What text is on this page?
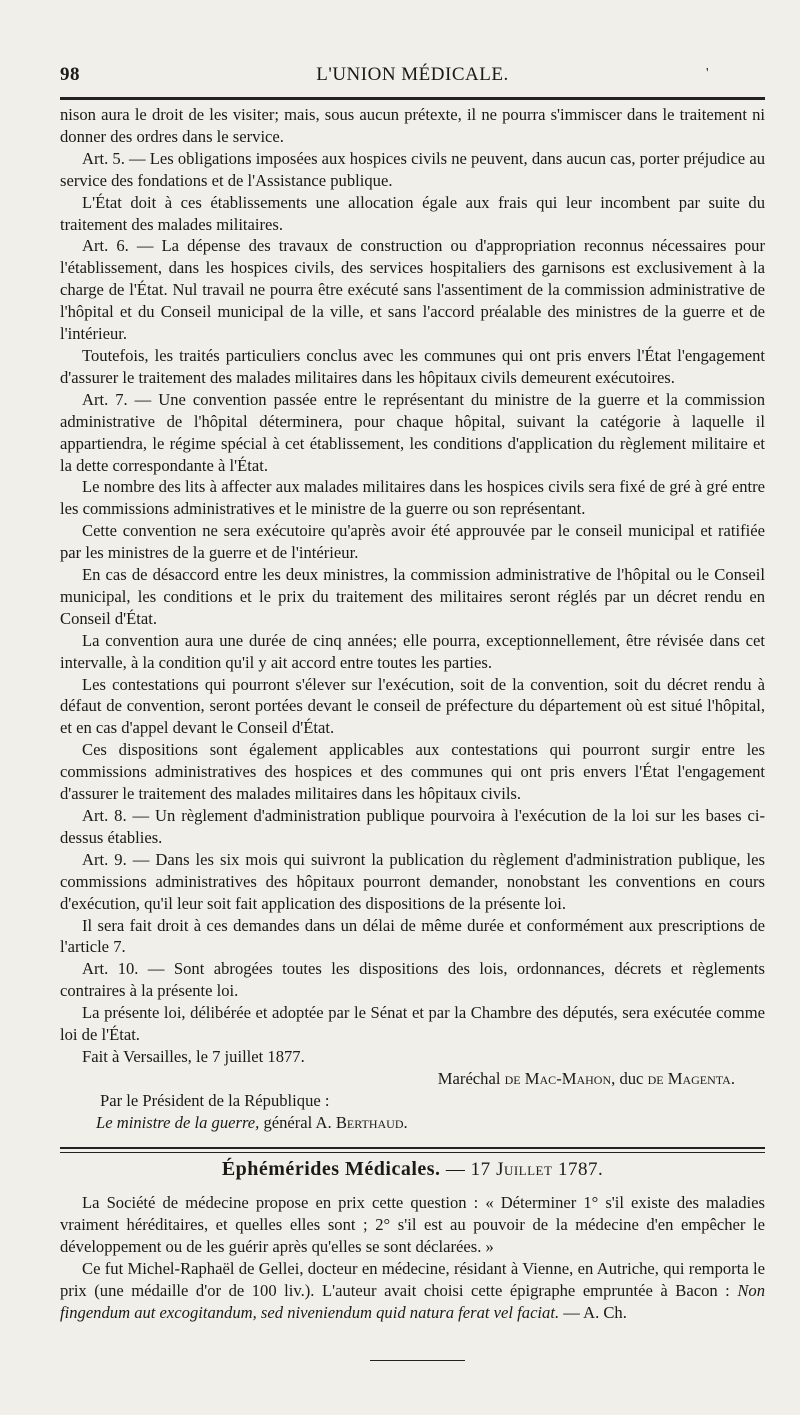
98	L'UNION MÉDICALE.	'

nison aura le droit de les visiter; mais, sous aucun prétexte, il ne pourra s'immiscer dans le traitement ni donner des ordres dans le service.

Art. 5. — Les obligations imposées aux hospices civils ne peuvent, dans aucun cas, porter préjudice au service des fondations et de l'Assistance publique.

L'État doit à ces établissements une allocation égale aux frais qui leur incombent par suite du traitement des malades militaires.

Art. 6. — La dépense des travaux de construction ou d'appropriation reconnus nécessaires pour l'établissement, dans les hospices civils, des services hospitaliers des garnisons est exclusivement à la charge de l'État. Nul travail ne pourra être exécuté sans l'assentiment de la commission administrative de l'hôpital et du Conseil municipal de la ville, et sans l'accord préalable des ministres de la guerre et de l'intérieur.

Toutefois, les traités particuliers conclus avec les communes qui ont pris envers l'État l'engagement d'assurer le traitement des malades militaires dans les hôpitaux civils demeurent exécutoires.

Art. 7. — Une convention passée entre le représentant du ministre de la guerre et la commission administrative de l'hôpital déterminera, pour chaque hôpital, suivant la catégorie à laquelle il appartiendra, le régime spécial à cet établissement, les conditions d'application du règlement militaire et la dette correspondante à l'État.

Le nombre des lits à affecter aux malades militaires dans les hospices civils sera fixé de gré à gré entre les commissions administratives et le ministre de la guerre ou son représentant.

Cette convention ne sera exécutoire qu'après avoir été approuvée par le conseil municipal et ratifiée par les ministres de la guerre et de l'intérieur.

En cas de désaccord entre les deux ministres, la commission administrative de l'hôpital ou le Conseil municipal, les conditions et le prix du traitement des militaires seront réglés par un décret rendu en Conseil d'État.

La convention aura une durée de cinq années; elle pourra, exceptionnellement, être révisée dans cet intervalle, à la condition qu'il y ait accord entre toutes les parties.

Les contestations qui pourront s'élever sur l'exécution, soit de la convention, soit du décret rendu à défaut de convention, seront portées devant le conseil de préfecture du département où est situé l'hôpital, et en cas d'appel devant le Conseil d'État.

Ces dispositions sont également applicables aux contestations qui pourront surgir entre les commissions administratives des hospices et des communes qui ont pris envers l'État l'engagement d'assurer le traitement des malades militaires dans les hôpitaux civils.

Art. 8. — Un règlement d'administration publique pourvoira à l'exécution de la loi sur les bases ci-dessus établies.

Art. 9. — Dans les six mois qui suivront la publication du règlement d'administration publique, les commissions administratives des hôpitaux pourront demander, nonobstant les conventions en cours d'exécution, qu'il leur soit fait application des dispositions de la présente loi.

Il sera fait droit à ces demandes dans un délai de même durée et conformément aux prescriptions de l'article 7.

Art. 10. — Sont abrogées toutes les dispositions des lois, ordonnances, décrets et règlements contraires à la présente loi.

La présente loi, délibérée et adoptée par le Sénat et par la Chambre des députés, sera exécutée comme loi de l'État.

Fait à Versailles, le 7 juillet 1877.

Maréchal de Mac-Mahon, duc de Magenta.

Par le Président de la République :

Le ministre de la guerre, général A. Berthaud.

Éphémérides Médicales. — 17 Juillet 1787.

La Société de médecine propose en prix cette question : « Déterminer 1° s'il existe des maladies vraiment héréditaires, et quelles elles sont ; 2° s'il est au pouvoir de la médecine d'en empêcher le développement ou de les guérir après qu'elles se sont déclarées. »

Ce fut Michel-Raphaël de Gellei, docteur en médecine, résidant à Vienne, en Autriche, qui remporta le prix (une médaille d'or de 100 liv.). L'auteur avait choisi cette épigraphe empruntée à Bacon : Non fingendum aut excogitandum, sed niveniendum quid natura ferat vel faciat. — A. Ch.
